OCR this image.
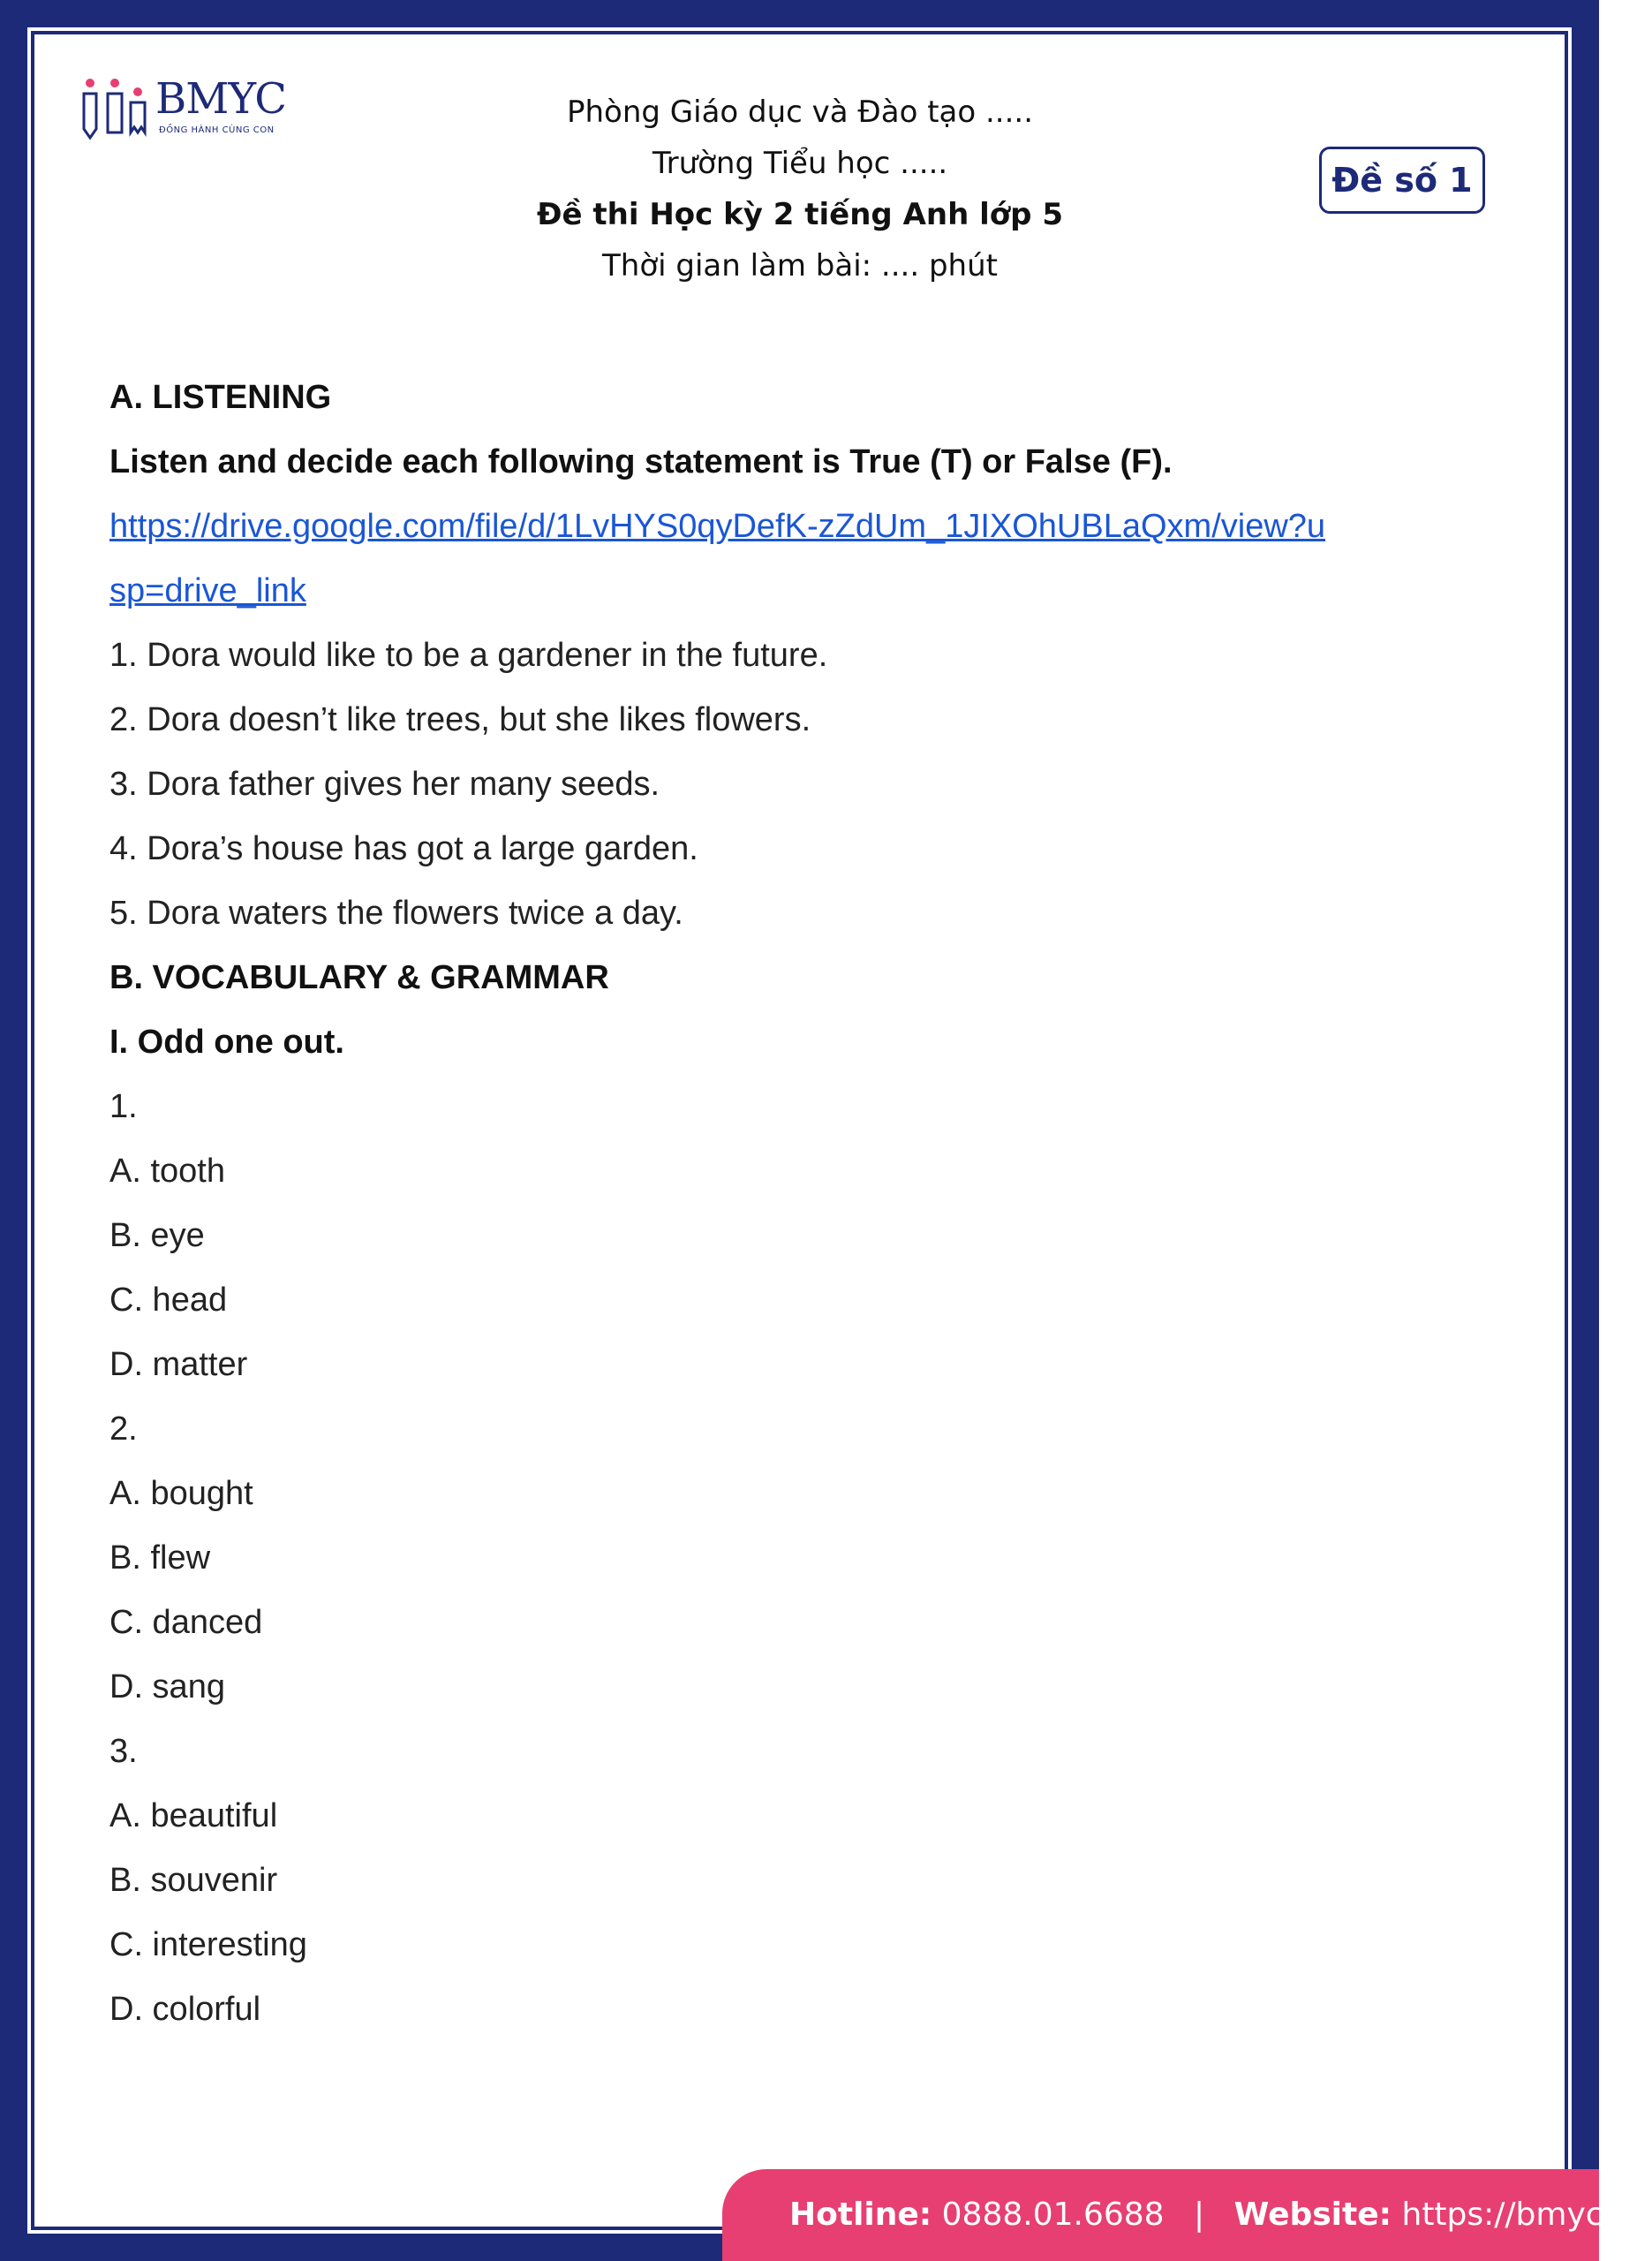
BMYC
ĐỒNG HÀNH CÙNG CON
Phòng Giáo dục và Đào tạo .....
Trường Tiểu học .....
Đề thi Học kỳ 2 tiếng Anh lớp 5
Thời gian làm bài: .... phút
Đề số 1
A. LISTENING
Listen and decide each following statement is True (T) or False (F).
https://drive.google.com/file/d/1LvHYS0qyDefK-zZdUm_1JIXOhUBLaQxm/view?u
sp=drive_link
1. Dora would like to be a gardener in the future.
2. Dora doesn’t like trees, but she likes flowers.
3. Dora father gives her many seeds.
4. Dora’s house has got a large garden.
5. Dora waters the flowers twice a day.
B. VOCABULARY & GRAMMAR
I. Odd one out.
1.
A. tooth
B. eye
C. head
D. matter
2.
A. bought
B. flew
C. danced
D. sang
3.
A. beautiful
B. souvenir
C. interesting
D. colorful
Hotline: 0888.01.6688 | Website: https://bmyc.vn
